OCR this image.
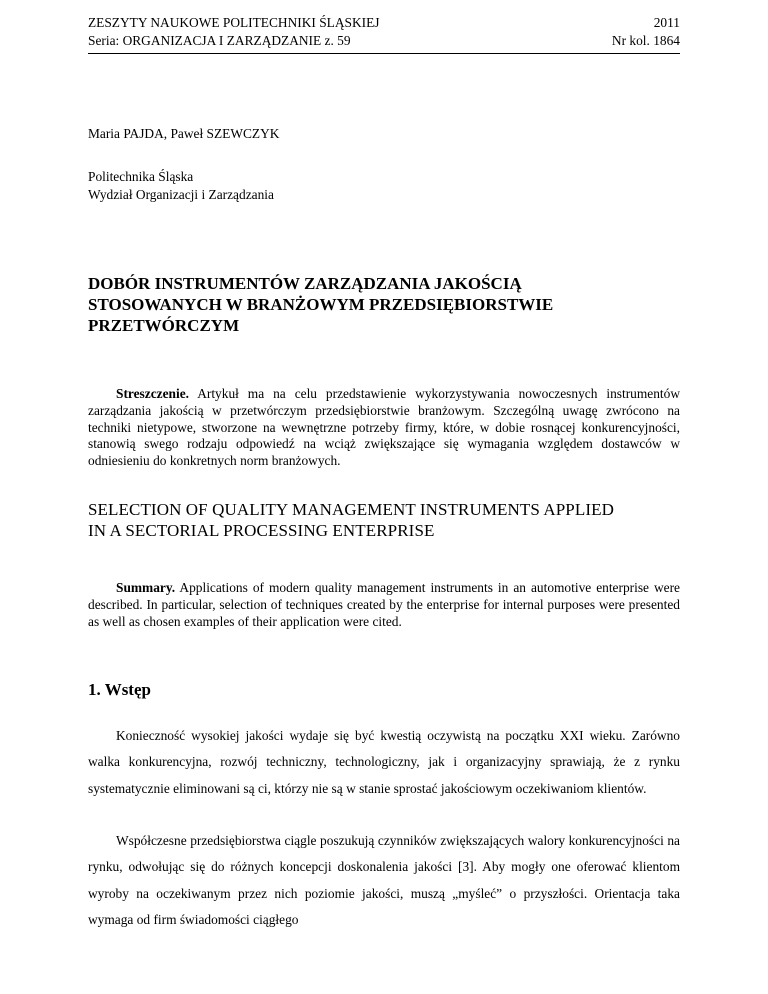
ZESZYTY NAUKOWE POLITECHNIKI ŚLĄSKIEJ	2011
Seria: ORGANIZACJA I ZARZĄDZANIE z. 59	Nr kol. 1864
Maria PAJDA, Paweł SZEWCZYK
Politechnika Śląska
Wydział Organizacji i Zarządzania
DOBÓR INSTRUMENTÓW ZARZĄDZANIA JAKOŚCIĄ
STOSOWANYCH W BRANŻOWYM PRZEDSIĘBIORSTWIE
PRZETWÓRCZYM

Streszczenie. Artykuł ma na celu przedstawienie wykorzystywania nowoczesnych instrumentów zarządzania jakością w przetwórczym przedsiębiorstwie branżowym. Szczególną uwagę zwrócono na techniki nietypowe, stworzone na wewnętrzne potrzeby firmy, które, w dobie rosnącej konkurencyjności, stanowią swego rodzaju odpowiedź na wciąż zwiększające się wymagania względem dostawców w odniesieniu do konkretnych norm branżowych.

SELECTION OF QUALITY MANAGEMENT INSTRUMENTS APPLIED
IN A SECTORIAL PROCESSING ENTERPRISE

Summary. Applications of modern quality management instruments in an automotive enterprise were described. In particular, selection of techniques created by the enterprise for internal purposes were presented as well as chosen examples of their application were cited.

1. Wstęp

Konieczność wysokiej jakości wydaje się być kwestią oczywistą na początku XXI wieku. Zarówno walka konkurencyjna, rozwój techniczny, technologiczny, jak i organizacyjny sprawiają, że z rynku systematycznie eliminowani są ci, którzy nie są w stanie sprostać jakościowym oczekiwaniom klientów.

Współczesne przedsiębiorstwa ciągle poszukują czynników zwiększających walory konkurencyjności na rynku, odwołując się do różnych koncepcji doskonalenia jakości [3]. Aby mogły one oferować klientom wyroby na oczekiwanym przez nich poziomie jakości, muszą „myśleć” o przyszłości. Orientacja taka wymaga od firm świadomości ciągłego
